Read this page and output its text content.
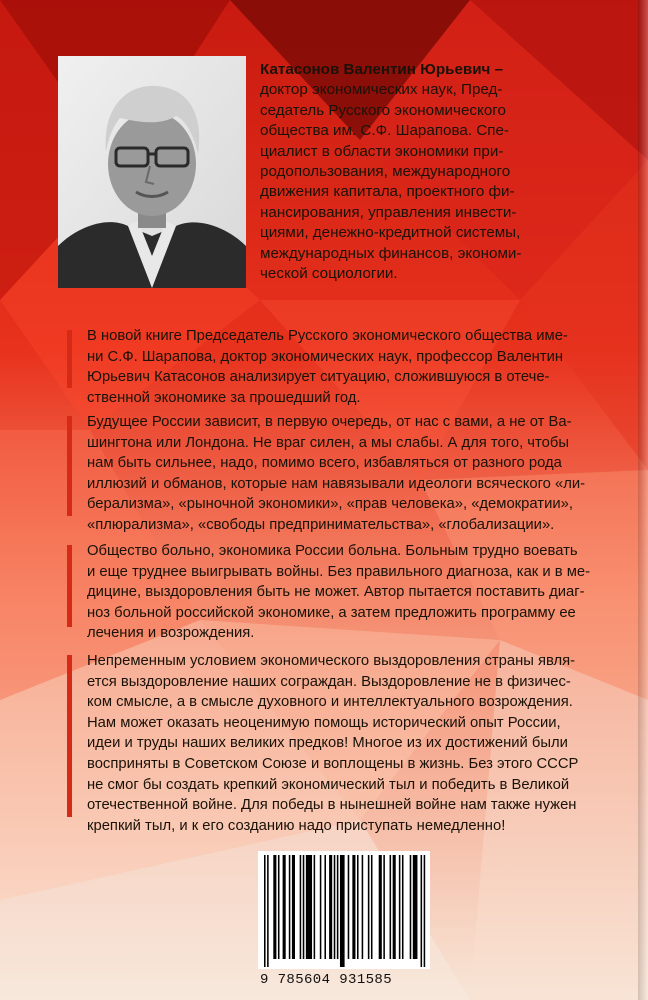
Катасонов Валентин Юрьевич –
доктор экономических наук, Пред-
седатель Русского экономического
общества им. С.Ф. Шарапова. Спе-
циалист в области экономики при-
родопользования, международного
движения капитала, проектного фи-
нансирования, управления инвести-
циями, денежно-кредитной системы,
международных финансов, экономи-
ческой социологии.
В новой книге Председатель Русского экономического общества име-
ни С.Ф. Шарапова, доктор экономических наук, профессор Валентин
Юрьевич Катасонов анализирует ситуацию, сложившуюся в отече-
ственной экономике за прошедший год.
Будущее России зависит, в первую очередь, от нас с вами, а не от Ва-
шингтона или Лондона. Не враг силен, а мы слабы. А для того, чтобы
нам быть сильнее, надо, помимо всего, избавляться от разного рода
иллюзий и обманов, которые нам навязывали идеологи всяческого «ли-
берализма», «рыночной экономики», «прав человека», «демократии»,
«плюрализма», «свободы предпринимательства», «глобализации».
Общество больно, экономика России больна. Больным трудно воевать
и еще труднее выигрывать войны. Без правильного диагноза, как и в ме-
дицине, выздоровления быть не может. Автор пытается поставить диаг-
ноз больной российской экономике, а затем предложить программу ее
лечения и возрождения.
Непременным условием экономического выздоровления страны явля-
ется выздоровление наших сограждан. Выздоровление не в физичес-
ком смысле, а в смысле духовного и интеллектуального возрождения.
Нам может оказать неоценимую помощь исторический опыт России,
идеи и труды наших великих предков! Многое из их достижений были
восприняты в Советском Союзе и воплощены в жизнь. Без этого СССР
не смог бы создать крепкий экономический тыл и победить в Великой
отечественной войне. Для победы в нынешней войне нам также нужен
крепкий тыл, и к его созданию надо приступать немедленно!
9 785604 931585
